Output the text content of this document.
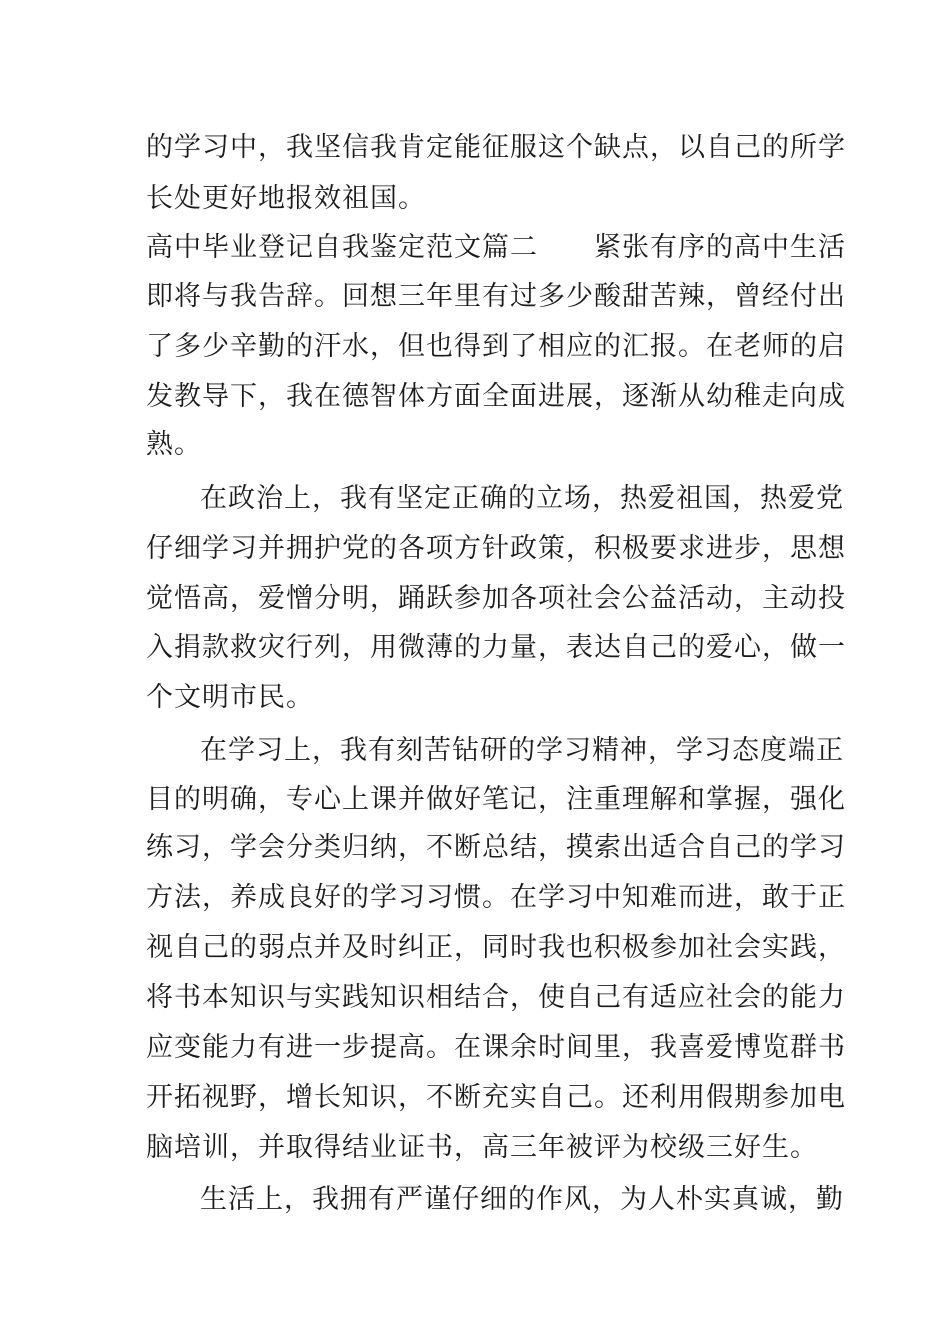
的学习中，我坚信我肯定能征服这个缺点，以自己的所学
长处更好地报效祖国。
高中毕业登记自我鉴定范文篇二　　紧张有序的高中生活
即将与我告辞。回想三年里有过多少酸甜苦辣，曾经付出
了多少辛勤的汗水，但也得到了相应的汇报。在老师的启
发教导下，我在德智体方面全面进展，逐渐从幼稚走向成
熟。
在政治上，我有坚定正确的立场，热爱祖国，热爱党
仔细学习并拥护党的各项方针政策，积极要求进步，思想
觉悟高，爱憎分明，踊跃参加各项社会公益活动，主动投
入捐款救灾行列，用微薄的力量，表达自己的爱心，做一
个文明市民。
在学习上，我有刻苦钻研的学习精神，学习态度端正
目的明确，专心上课并做好笔记，注重理解和掌握，强化
练习，学会分类归纳，不断总结，摸索出适合自己的学习
方法，养成良好的学习习惯。在学习中知难而进，敢于正
视自己的弱点并及时纠正，同时我也积极参加社会实践，
将书本知识与实践知识相结合，使自己有适应社会的能力
应变能力有进一步提高。在课余时间里，我喜爱博览群书
开拓视野，增长知识，不断充实自己。还利用假期参加电
脑培训，并取得结业证书，高三年被评为校级三好生。
生活上，我拥有严谨仔细的作风，为人朴实真诚，勤
